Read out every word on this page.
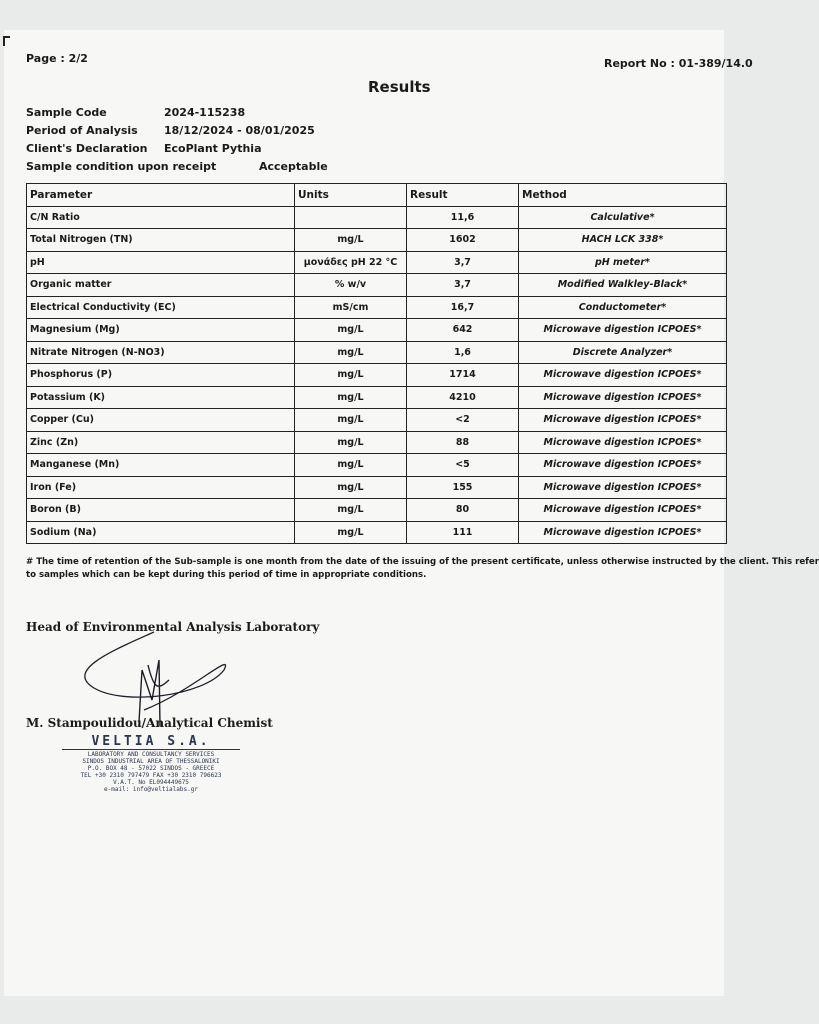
Page : 2/2	Report No : 01-389/14.0
Results
Sample Code	2024-115238
Period of Analysis 18/12/2024 - 08/01/2025
Client's Declaration EcoPlant Pythia
Sample condition upon receipt	Acceptable
Parameter	Units	Result	Method
C/N Ratio		11,6	Calculative*
Total Nitrogen (TN)	mg/L	1602	HACH LCK 338*
pH	μονάδες pH 22 °C	3,7	pH meter*
Organic matter	% w/v	3,7	Modified Walkley-Black*
Electrical Conductivity (EC)	mS/cm	16,7	Conductometer*
Magnesium (Mg)	mg/L	642	Microwave digestion ICPOES*
Nitrate Nitrogen (N-NO3)	mg/L	1,6	Discrete Analyzer*
Phosphorus (P)	mg/L	1714	Microwave digestion ICPOES*
Potassium (K)	mg/L	4210	Microwave digestion ICPOES*
Copper (Cu)	mg/L	<2	Microwave digestion ICPOES*
Zinc (Zn)	mg/L	88	Microwave digestion ICPOES*
Manganese (Mn)	mg/L	<5	Microwave digestion ICPOES*
Iron (Fe)	mg/L	155	Microwave digestion ICPOES*
Boron (B)	mg/L	80	Microwave digestion ICPOES*
Sodium (Na)	mg/L	111	Microwave digestion ICPOES*
# The time of retention of the Sub-sample is one month from the date of the issuing of the present certificate, unless otherwise instructed by the client. This refer
to samples which can be kept during this period of time in appropriate conditions.
Head of Environmental Analysis Laboratory
M. Stampoulidou/Analytical Chemist
VELTIA S.A.
LABORATORY AND CONSULTANCY SERVICES
SINDOS INDUSTRIAL AREA OF THESSALONIKI
P.O. BOX 48 - 57022 SINDOS - GREECE
TEL +30 2310 797479 FAX +30 2310 796623
V.A.T. No EL094449675
e-mail: info@veltialabs.gr
